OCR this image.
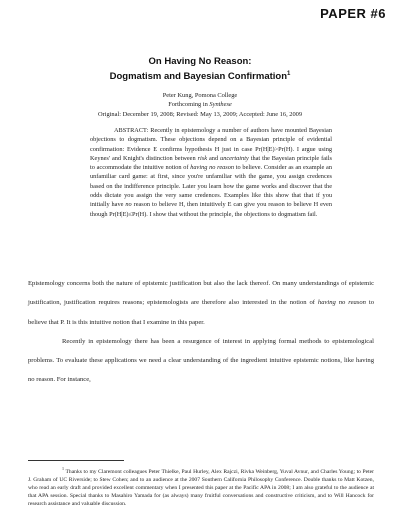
PAPER #6
On Having No Reason:
Dogmatism and Bayesian Confirmation$^1$
Peter Kung, Pomona College
Forthcoming in Synthese
Original: December 19, 2008; Revised: May 13, 2009; Accepted: June 16, 2009
ABSTRACT: Recently in epistemology a number of authors have mounted Bayesian objections to dogmatism. These objections depend on a Bayesian principle of evidential confirmation: Evidence E confirms hypothesis H just in case Pr(H|E)>Pr(H). I argue using Keynes' and Knight's distinction between risk and uncertainty that the Bayesian principle fails to accommodate the intuitive notion of having no reason to believe. Consider as an example an unfamiliar card game: at first, since you're unfamiliar with the game, you assign credences based on the indifference principle. Later you learn how the game works and discover that the odds dictate you assign the very same credences. Examples like this show that that if you initially have no reason to believe H, then intuitively E can give you reason to believe H even though Pr(H|E)≤Pr(H). I show that without the principle, the objections to dogmatism fail.

Epistemology concerns both the nature of epistemic justification but also the lack thereof. On many understandings of epistemic justification, justification requires reasons; epistemologists are therefore also interested in the notion of having no reason to believe that P. It is this intuitive notion that I examine in this paper.

Recently in epistemology there has been a resurgence of interest in applying formal methods to epistemological problems. To evaluate these applications we need a clear understanding of the ingredient intuitive epistemic notions, like having no reason. For instance,

$^1$ Thanks to my Claremont colleagues Peter Thielke, Paul Hurley, Alex Rajczi, Rivka Weinberg, Yuval Avnur, and Charles Young; to Peter J. Graham of UC Riverside; to Stew Cohen; and to an audience at the 2007 Southern California Philosophy Conference. Double thanks to Matt Kotzen, who read an early draft and provided excellent commentary when I presented this paper at the Pacific APA in 2008; I am also grateful to the audience at that APA session. Special thanks to Masahiro Yamada for (as always) many fruitful conversations and constructive criticism, and to Will Hancock for research assistance and valuable discussion.
